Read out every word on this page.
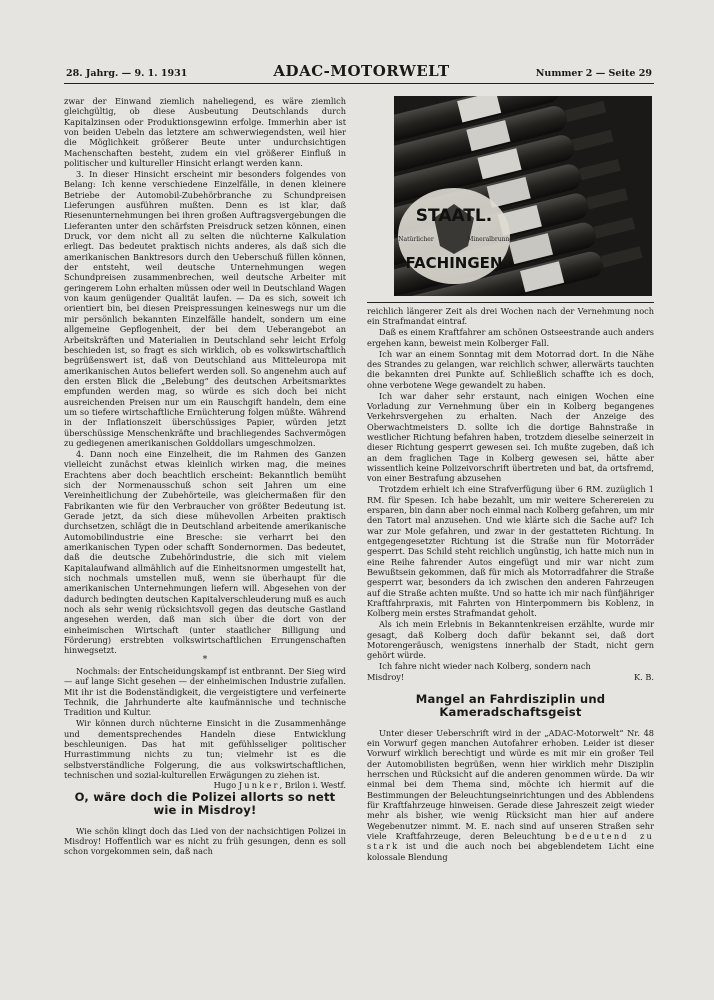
28. Jahrg. — 9. 1. 1931	ADAC-MOTORWELT	Nummer 2 — Seite 29
STAATL.
FACHINGEN
Natürlicher	Mineralbrunnen

zwar der Einwand ziemlich naheliegend, es wäre ziemlich gleichgültig, ob diese Ausbeutung Deutschlands durch Kapitalzinsen oder Produktionsgewinn erfolge. Immerhin aber ist von beiden Uebeln das letztere am schwerwiegendsten, weil hier die Möglichkeit größerer Beute unter undurchsichtigen Machenschaften besteht, zudem ein viel größerer Einfluß in politischer und kultureller Hinsicht erlangt werden kann.

3. In dieser Hinsicht erscheint mir besonders folgendes von Belang: Ich kenne verschiedene Einzelfälle, in denen kleinere Betriebe der Automobil-Zubehörbranche zu Schundpreisen Lieferungen ausführen mußten. Denn es ist klar, daß Riesenunternehmungen bei ihren großen Auftragsvergebungen die Lieferanten unter den schärfsten Preisdruck setzen können, einen Druck, vor dem nicht all zu selten die nüchterne Kalkulation erliegt. Das bedeutet praktisch nichts anderes, als daß sich die amerikanischen Banktresors durch den Ueberschuß füllen können, der entsteht, weil deutsche Unternehmungen wegen Schundpreisen zusammenbrechen, weil deutsche Arbeiter mit geringerem Lohn erhalten müssen oder weil in Deutschland Wagen von kaum genügender Qualität laufen. — Da es sich, soweit ich orientiert bin, bei diesen Preispressungen keineswegs nur um die mir persönlich bekannten Einzelfälle handelt, sondern um eine allgemeine Gepflogenheit, der bei dem Ueberangebot an Arbeitskräften und Materialien in Deutschland sehr leicht Erfolg beschieden ist, so fragt es sich wirklich, ob es volkswirtschaftlich begrüßenswert ist, daß von Deutschland aus Mitteleuropa mit amerikanischen Autos beliefert werden soll. So angenehm auch auf den ersten Blick die „Belebung“ des deutschen Arbeitsmarktes empfunden werden mag, so würde es sich doch bei nicht ausreichenden Preisen nur um ein Rauschgift handeln, dem eine um so tiefere wirtschaftliche Ernüchterung folgen müßte. Während in der Inflationszeit überschüssiges Papier, würden jetzt überschüssige Menschenkräfte und brachliegendes Sachvermögen zu gediegenen amerikanischen Golddollars umgeschmolzen.

4. Dann noch eine Einzelheit, die im Rahmen des Ganzen vielleicht zunächst etwas kleinlich wirken mag, die meines Erachtens aber doch beachtlich erscheint: Bekanntlich bemüht sich der Normenausschuß schon seit Jahren um eine Vereinheitlichung der Zubehörteile, was gleichermaßen für den Fabrikanten wie für den Verbraucher von größter Bedeutung ist. Gerade jetzt, da sich diese mühevollen Arbeiten praktisch durchsetzen, schlägt die in Deutschland arbeitende amerikanische Automobilindustrie eine Bresche: sie verharrt bei den amerikanischen Typen oder schafft Sondernormen. Das bedeutet, daß die deutsche Zubehörindustrie, die sich mit vielem Kapitalaufwand allmählich auf die Einheitsnormen umgestellt hat, sich nochmals umstellen muß, wenn sie überhaupt für die amerikanischen Unternehmungen liefern will. Abgesehen von der dadurch bedingten deutschen Kapitalverschleuderung muß es auch noch als sehr wenig rücksichtsvoll gegen das deutsche Gastland angesehen werden, daß man sich über die dort von der einheimischen Wirtschaft (unter staatlicher Billigung und Förderung) erstrebten volkswirtschaftlichen Errungenschaften hinwegsetzt.

*

Nochmals: der Entscheidungskampf ist entbrannt. Der Sieg wird — auf lange Sicht gesehen — der einheimischen Industrie zufallen. Mit ihr ist die Bodenständigkeit, die vergeistigtere und verfeinerte Technik, die Jahrhunderte alte kaufmännische und technische Tradition und Kultur.

Wir können durch nüchterne Einsicht in die Zusammenhänge und dementsprechendes Handeln diese Entwicklung beschleunigen. Das hat mit gefühlsseliger politischer Hurrastimmung nichts zu tun; vielmehr ist es die selbstverständliche Folgerung, die aus volkswirtschaftlichen, technischen und sozial-kulturellen Erwägungen zu ziehen ist.
Hugo Junker, Brilon i. Westf.

O, wäre doch die Polizei allorts so nett wie in Misdroy!

Wie schön klingt doch das Lied von der nachsichtigen Polizei in Misdroy! Hoffentlich war es nicht zu früh gesungen, denn es soll schon vorgekommen sein, daß nach

reichlich längerer Zeit als drei Wochen nach der Vernehmung noch ein Strafmandat eintraf.

Daß es einem Kraftfahrer am schönen Ostseestrande auch anders ergehen kann, beweist mein Kolberger Fall.

Ich war an einem Sonntag mit dem Motorrad dort. In die Nähe des Strandes zu gelangen, war reichlich schwer, allerwärts tauchten die bekannten drei Punkte auf. Schließlich schaffte ich es doch, ohne verbotene Wege gewandelt zu haben.

Ich war daher sehr erstaunt, nach einigen Wochen eine Vorladung zur Vernehmung über ein in Kolberg begangenes Verkehrsvergehen zu erhalten. Nach der Anzeige des Oberwachtmeisters D. sollte ich die dortige Bahnstraße in westlicher Richtung befahren haben, trotzdem dieselbe seinerzeit in dieser Richtung gesperrt gewesen sei. Ich mußte zugeben, daß ich an dem fraglichen Tage in Kolberg gewesen sei, hätte aber wissentlich keine Polizeivorschrift übertreten und bat, da ortsfremd, von einer Bestrafung abzusehen

Trotzdem erhielt ich eine Strafverfügung über 6 RM. zuzüglich 1 RM. für Spesen. Ich habe bezahlt, um mir weitere Scherereien zu ersparen, bin dann aber noch einmal nach Kolberg gefahren, um mir den Tatort mal anzusehen. Und wie klärte sich die Sache auf? Ich war zur Mole gefahren, und zwar in der gestatteten Richtung. In entgegengesetzter Richtung ist die Straße nun für Motorräder gesperrt. Das Schild steht reichlich ungünstig, ich hatte mich nun in eine Reihe fahrender Autos eingefügt und mir war nicht zum Bewußtsein gekommen, daß für mich als Motorradfahrer die Straße gesperrt war, besonders da ich zwischen den anderen Fahrzeugen auf die Straße achten mußte. Und so hatte ich mir nach fünfjähriger Kraftfahrpraxis, mit Fahrten von Hinterpommern bis Koblenz, in Kolberg mein erstes Strafmandat geholt.

Als ich mein Erlebnis in Bekanntenkreisen erzählte, wurde mir gesagt, daß Kolberg doch dafür bekannt sei, daß dort Motorengeräusch, wenigstens innerhalb der Stadt, nicht gern gehört würde.

Ich fahre nicht wieder nach Kolberg, sondern nach

Misdroy!	K. B.

Mangel an Fahrdisziplin und Kameradschaftsgeist

Unter dieser Ueberschrift wird in der „ADAC-Motorwelt“ Nr. 48 ein Vorwurf gegen manchen Autofahrer erhoben. Leider ist dieser Vorwurf wirklich berechtigt und würde es mit mir ein großer Teil der Automobilisten begrüßen, wenn hier wirklich mehr Disziplin herrschen und Rücksicht auf die anderen genommen würde. Da wir einmal bei dem Thema sind, möchte ich hiermit auf die Bestimmungen der Beleuchtungseinrichtungen und des Abblendens für Kraftfahrzeuge hinweisen. Gerade diese Jahreszeit zeigt wieder mehr als bisher, wie wenig Rücksicht man hier auf andere Wegebenutzer nimmt. M. E. nach sind auf unseren Straßen sehr viele Kraftfahrzeuge, deren Beleuchtung bedeutend zu stark ist und die auch noch bei abgeblendetem Licht eine kolossale Blendung
